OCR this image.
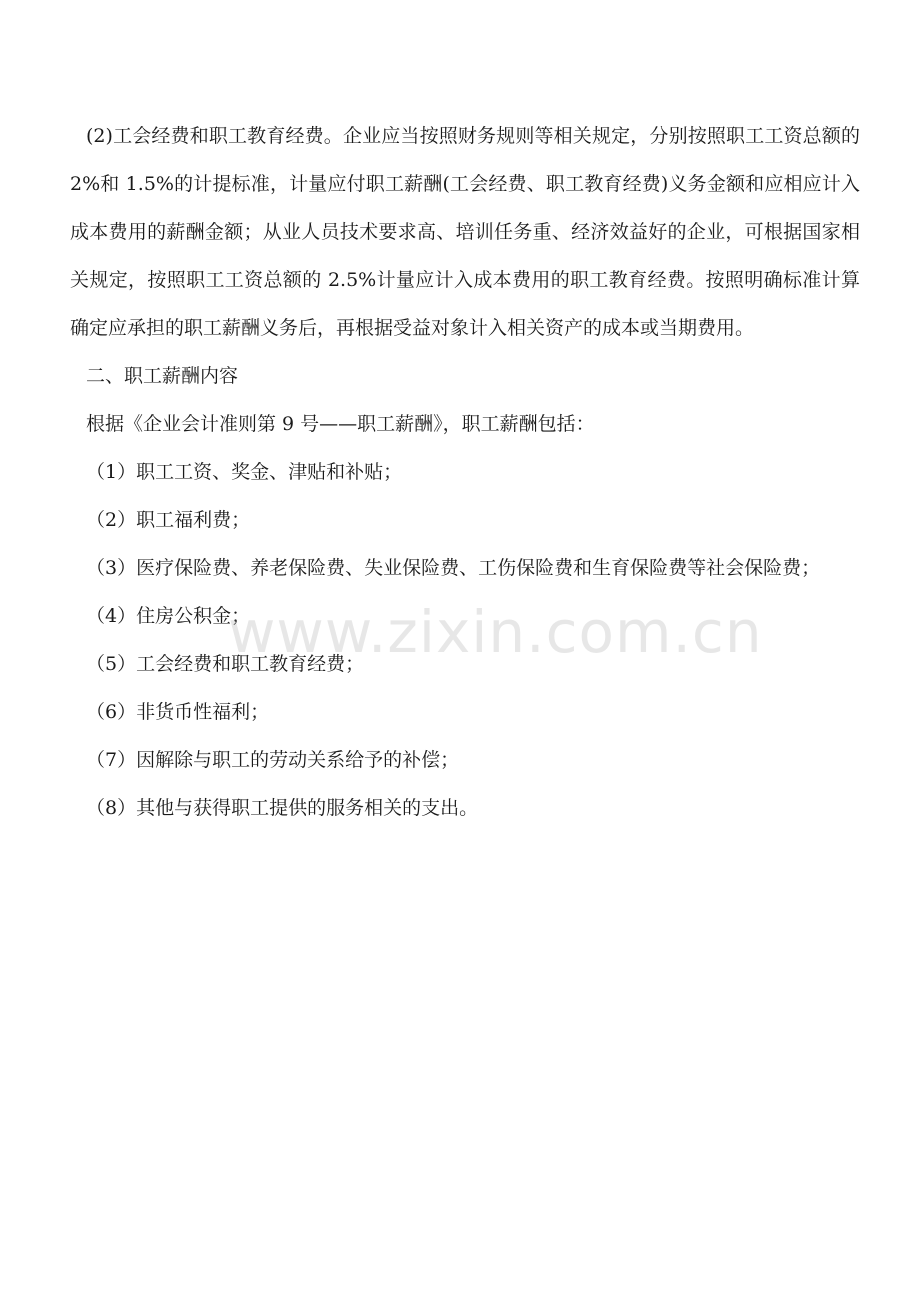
(2)工会经费和职工教育经费。企业应当按照财务规则等相关规定，分别按照职工工资总额的 2%和 1.5%的计提标准，计量应付职工薪酬(工会经费、职工教育经费)义务金额和应相应计入成本费用的薪酬金额；从业人员技术要求高、培训任务重、经济效益好的企业，可根据国家相关规定，按照职工工资总额的 2.5%计量应计入成本费用的职工教育经费。按照明确标准计算确定应承担的职工薪酬义务后，再根据受益对象计入相关资产的成本或当期费用。

二、职工薪酬内容

根据《企业会计准则第 9 号——职工薪酬》，职工薪酬包括：

（1）职工工资、奖金、津贴和补贴；

（2）职工福利费；

（3）医疗保险费、养老保险费、失业保险费、工伤保险费和生育保险费等社会保险费；

（4）住房公积金；

（5）工会经费和职工教育经费；

（6）非货币性福利；

（7）因解除与职工的劳动关系给予的补偿；

（8）其他与获得职工提供的服务相关的支出。

www.zixin.com.cn
